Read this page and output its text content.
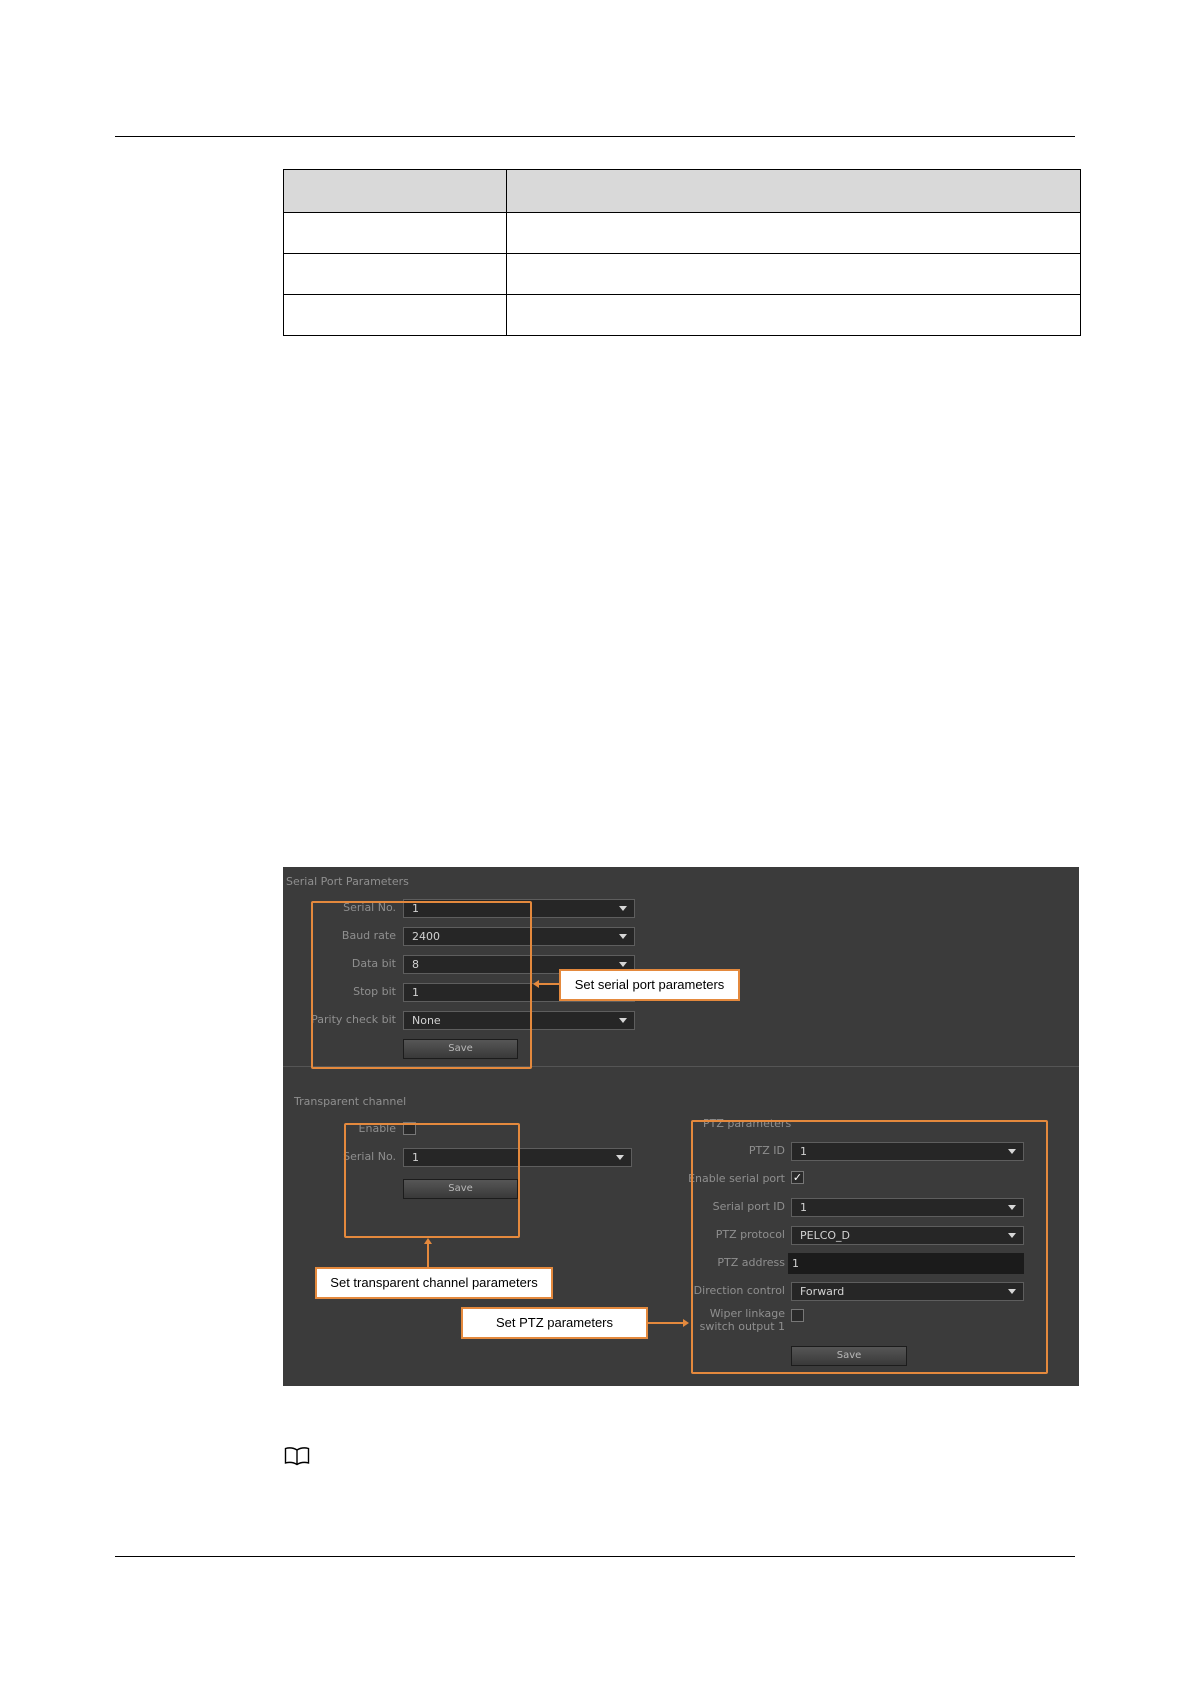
Serial Port Parameters
Serial No.	1
Baud rate	2400
Data bit	8
Stop bit	1
Parity check bit	None
Save
Transparent channel
Enable
Serial No.	1
Save
PTZ parameters
PTZ ID	1
Enable serial port ✓
Serial port ID	1
PTZ protocol	PELCO_D
PTZ address 1
Direction control	Forward
Wiper linkage
switch output 1
Save
Set serial port parameters
Set transparent channel parameters
Set PTZ parameters
